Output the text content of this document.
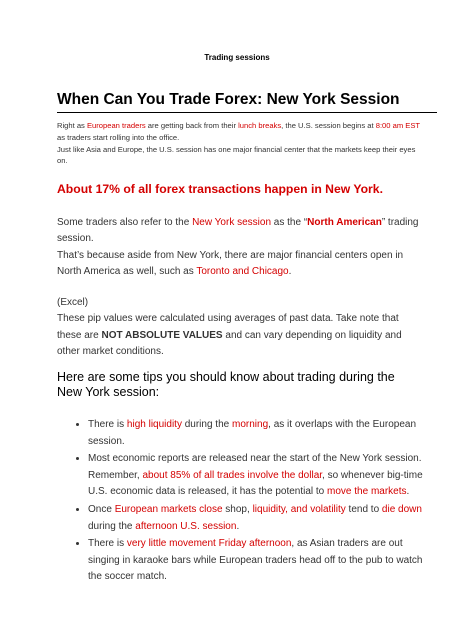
Trading sessions
When Can You Trade Forex: New York Session
Right as European traders are getting back from their lunch breaks, the U.S. session begins at 8:00 am EST as traders start rolling into the office.
Just like Asia and Europe, the U.S. session has one major financial center that the markets keep their eyes on.
About 17% of all forex transactions happen in New York.
Some traders also refer to the New York session as the “North American” trading session.
That’s because aside from New York, there are major financial centers open in North America as well, such as Toronto and Chicago.
(Excel)
These pip values were calculated using averages of past data. Take note that these are NOT ABSOLUTE VALUES and can vary depending on liquidity and other market conditions.
Here are some tips you should know about trading during the New York session:
• There is high liquidity during the morning, as it overlaps with the European session.
• Most economic reports are released near the start of the New York session. Remember, about 85% of all trades involve the dollar, so whenever big-time U.S. economic data is released, it has the potential to move the markets.
• Once European markets close shop, liquidity, and volatility tend to die down during the afternoon U.S. session.
• There is very little movement Friday afternoon, as Asian traders are out singing in karaoke bars while European traders head off to the pub to watch the soccer match.
